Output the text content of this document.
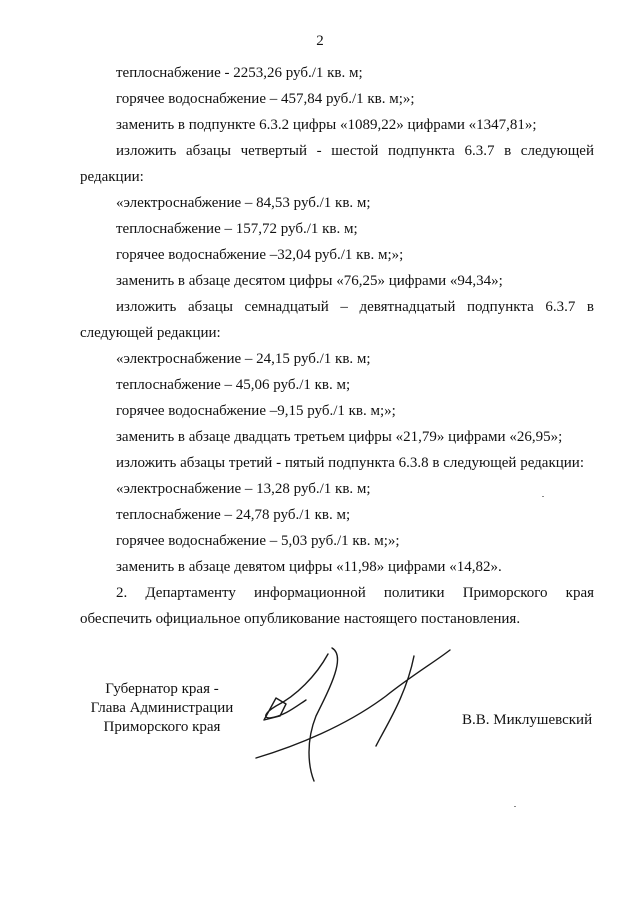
2

теплоснабжение - 2253,26 руб./1 кв. м;

горячее водоснабжение – 457,84 руб./1 кв. м;»;

заменить в подпункте 6.3.2 цифры «1089,22» цифрами «1347,81»;

изложить абзацы четвертый - шестой подпункта 6.3.7 в следующей редакции:

«электроснабжение – 84,53 руб./1 кв. м;

теплоснабжение – 157,72 руб./1 кв. м;

горячее водоснабжение –32,04 руб./1 кв. м;»;

заменить в абзаце десятом цифры «76,25» цифрами «94,34»;

изложить абзацы семнадцатый – девятнадцатый подпункта 6.3.7 в следующей редакции:

«электроснабжение – 24,15 руб./1 кв. м;

теплоснабжение – 45,06 руб./1 кв. м;

горячее водоснабжение –9,15 руб./1 кв. м;»;

заменить в абзаце двадцать третьем цифры «21,79» цифрами «26,95»;

изложить абзацы третий - пятый подпункта 6.3.8 в следующей редакции:

«электроснабжение – 13,28 руб./1 кв. м;

теплоснабжение – 24,78 руб./1 кв. м;

горячее водоснабжение – 5,03 руб./1 кв. м;»;

заменить в абзаце девятом цифры «11,98» цифрами «14,82».

2. Департаменту информационной политики Приморского края обеспечить официальное опубликование настоящего постановления.

Губернатор края -
Глава Администрации
Приморского края	В.В. Миклушевский
